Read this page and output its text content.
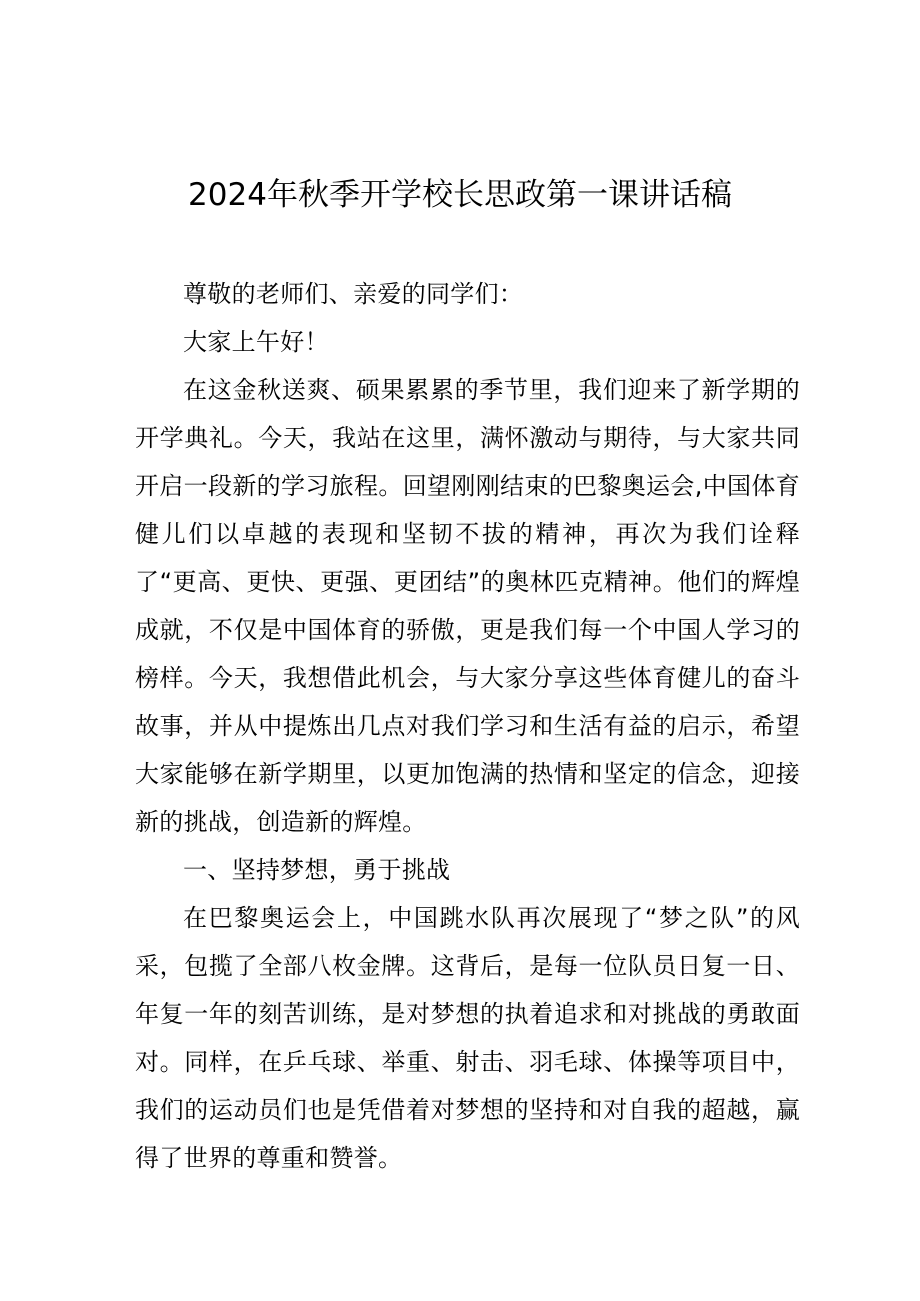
2024年秋季开学校长思政第一课讲话稿

尊敬的老师们、亲爱的同学们：

大家上午好！

在这金秋送爽、硕果累累的季节里，我们迎来了新学期的开学典礼。今天，我站在这里，满怀激动与期待，与大家共同开启一段新的学习旅程。回望刚刚结束的巴黎奥运会,中国体育健儿们以卓越的表现和坚韧不拔的精神，再次为我们诠释了“更高、更快、更强、更团结”的奥林匹克精神。他们的辉煌成就，不仅是中国体育的骄傲，更是我们每一个中国人学习的榜样。今天，我想借此机会，与大家分享这些体育健儿的奋斗故事，并从中提炼出几点对我们学习和生活有益的启示，希望大家能够在新学期里，以更加饱满的热情和坚定的信念，迎接新的挑战，创造新的辉煌。

一、坚持梦想，勇于挑战

在巴黎奥运会上，中国跳水队再次展现了“梦之队”的风采，包揽了全部八枚金牌。这背后，是每一位队员日复一日、年复一年的刻苦训练，是对梦想的执着追求和对挑战的勇敢面对。同样，在乒乓球、举重、射击、羽毛球、体操等项目中，我们的运动员们也是凭借着对梦想的坚持和对自我的超越，赢得了世界的尊重和赞誉。
